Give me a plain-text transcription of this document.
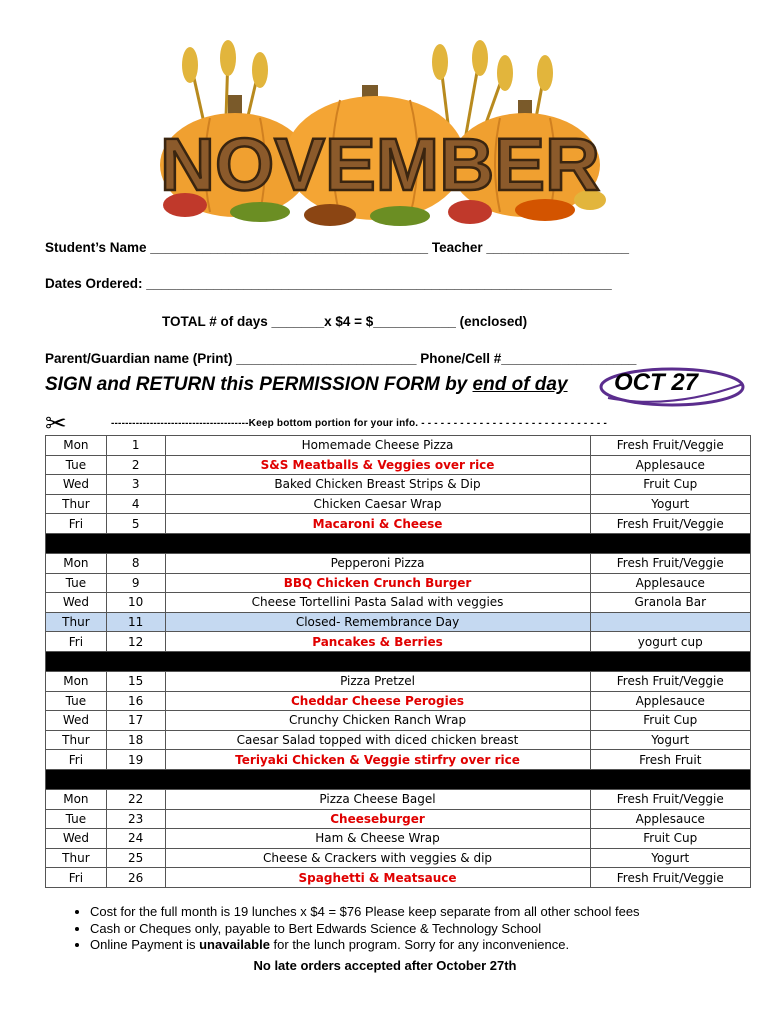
NOVEMBER
Student’s Name _____________________________________ Teacher ___________________
Dates Ordered: ______________________________________________________________
TOTAL # of days _______x $4 = $___________ (enclosed)
Parent/Guardian name (Print) ________________________ Phone/Cell #__________________
SIGN and RETURN this PERMISSION FORM by end of day OCT 27
✂	---------------------------------------Keep bottom portion for your info. - - - - - - - - - - - - - - - - - - - - - - - - - - - - -
Mon	1	Homemade Cheese Pizza	Fresh Fruit/Veggie
Tue	2	S&S Meatballs & Veggies over rice	Applesauce
Wed	3	Baked Chicken Breast Strips & Dip	Fruit Cup
Thur	4	Chicken Caesar Wrap	Yogurt
Fri	5	Macaroni & Cheese	Fresh Fruit/Veggie

Mon	8	Pepperoni Pizza	Fresh Fruit/Veggie
Tue	9	BBQ Chicken Crunch Burger	Applesauce
Wed	10	Cheese Tortellini Pasta Salad with veggies	Granola Bar
Thur	11	Closed- Remembrance Day	
Fri	12	Pancakes & Berries	yogurt cup

Mon	15	Pizza Pretzel	Fresh Fruit/Veggie
Tue	16	Cheddar Cheese Perogies	Applesauce
Wed	17	Crunchy Chicken Ranch Wrap	Fruit Cup
Thur	18	Caesar Salad topped with diced chicken breast	Yogurt
Fri	19	Teriyaki Chicken & Veggie stirfry over rice	Fresh Fruit

Mon	22	Pizza Cheese Bagel	Fresh Fruit/Veggie
Tue	23	Cheeseburger	Applesauce
Wed	24	Ham & Cheese Wrap	Fruit Cup
Thur	25	Cheese & Crackers with veggies & dip	Yogurt
Fri	26	Spaghetti & Meatsauce	Fresh Fruit/Veggie
• Cost for the full month is 19 lunches x $4 = $76 Please keep separate from all other school fees
• Cash or Cheques only, payable to Bert Edwards Science & Technology School
• Online Payment is unavailable for the lunch program. Sorry for any inconvenience.
No late orders accepted after October 27th
